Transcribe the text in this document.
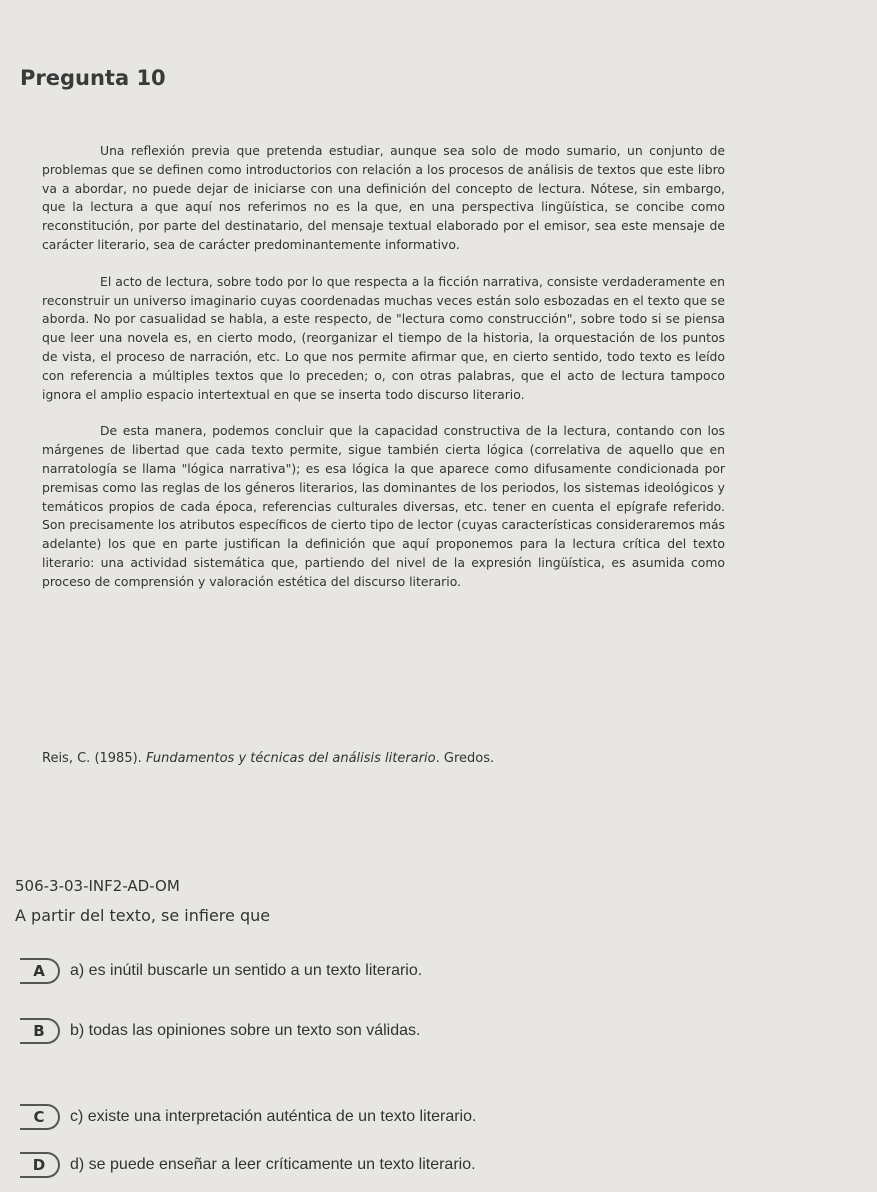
Pregunta 10

Una reflexión previa que pretenda estudiar, aunque sea solo de modo sumario, un conjunto de problemas que se definen como introductorios con relación a los procesos de análisis de textos que este libro va a abordar, no puede dejar de iniciarse con una definición del concepto de lectura. Nótese, sin embargo, que la lectura a que aquí nos referimos no es la que, en una perspectiva lingüística, se concibe como reconstitución, por parte del destinatario, del mensaje textual elaborado por el emisor, sea este mensaje de carácter literario, sea de carácter predominantemente informativo.

El acto de lectura, sobre todo por lo que respecta a la ficción narrativa, consiste verdaderamente en reconstruir un universo imaginario cuyas coordenadas muchas veces están solo esbozadas en el texto que se aborda. No por casualidad se habla, a este respecto, de "lectura como construcción", sobre todo si se piensa que leer una novela es, en cierto modo, (reorganizar el tiempo de la historia, la orquestación de los puntos de vista, el proceso de narración, etc. Lo que nos permite afirmar que, en cierto sentido, todo texto es leído con referencia a múltiples textos que lo preceden; o, con otras palabras, que el acto de lectura tampoco ignora el amplio espacio intertextual en que se inserta todo discurso literario.

De esta manera, podemos concluir que la capacidad constructiva de la lectura, contando con los márgenes de libertad que cada texto permite, sigue también cierta lógica (correlativa de aquello que en narratología se llama "lógica narrativa"); es esa lógica la que aparece como difusamente condicionada por premisas como las reglas de los géneros literarios, las dominantes de los periodos, los sistemas ideológicos y temáticos propios de cada época, referencias culturales diversas, etc. tener en cuenta el epígrafe referido. Son precisamente los atributos específicos de cierto tipo de lector (cuyas características consideraremos más adelante) los que en parte justifican la definición que aquí proponemos para la lectura crítica del texto literario: una actividad sistemática que, partiendo del nivel de la expresión lingüística, es asumida como proceso de comprensión y valoración estética del discurso literario.

Reis, C. (1985). Fundamentos y técnicas del análisis literario. Gredos.
506-3-03-INF2-AD-OM
A partir del texto, se infiere que
A	a) es inútil buscarle un sentido a un texto literario.
B	b) todas las opiniones sobre un texto son válidas.
C	c) existe una interpretación auténtica de un texto literario.
D	d) se puede enseñar a leer críticamente un texto literario.
